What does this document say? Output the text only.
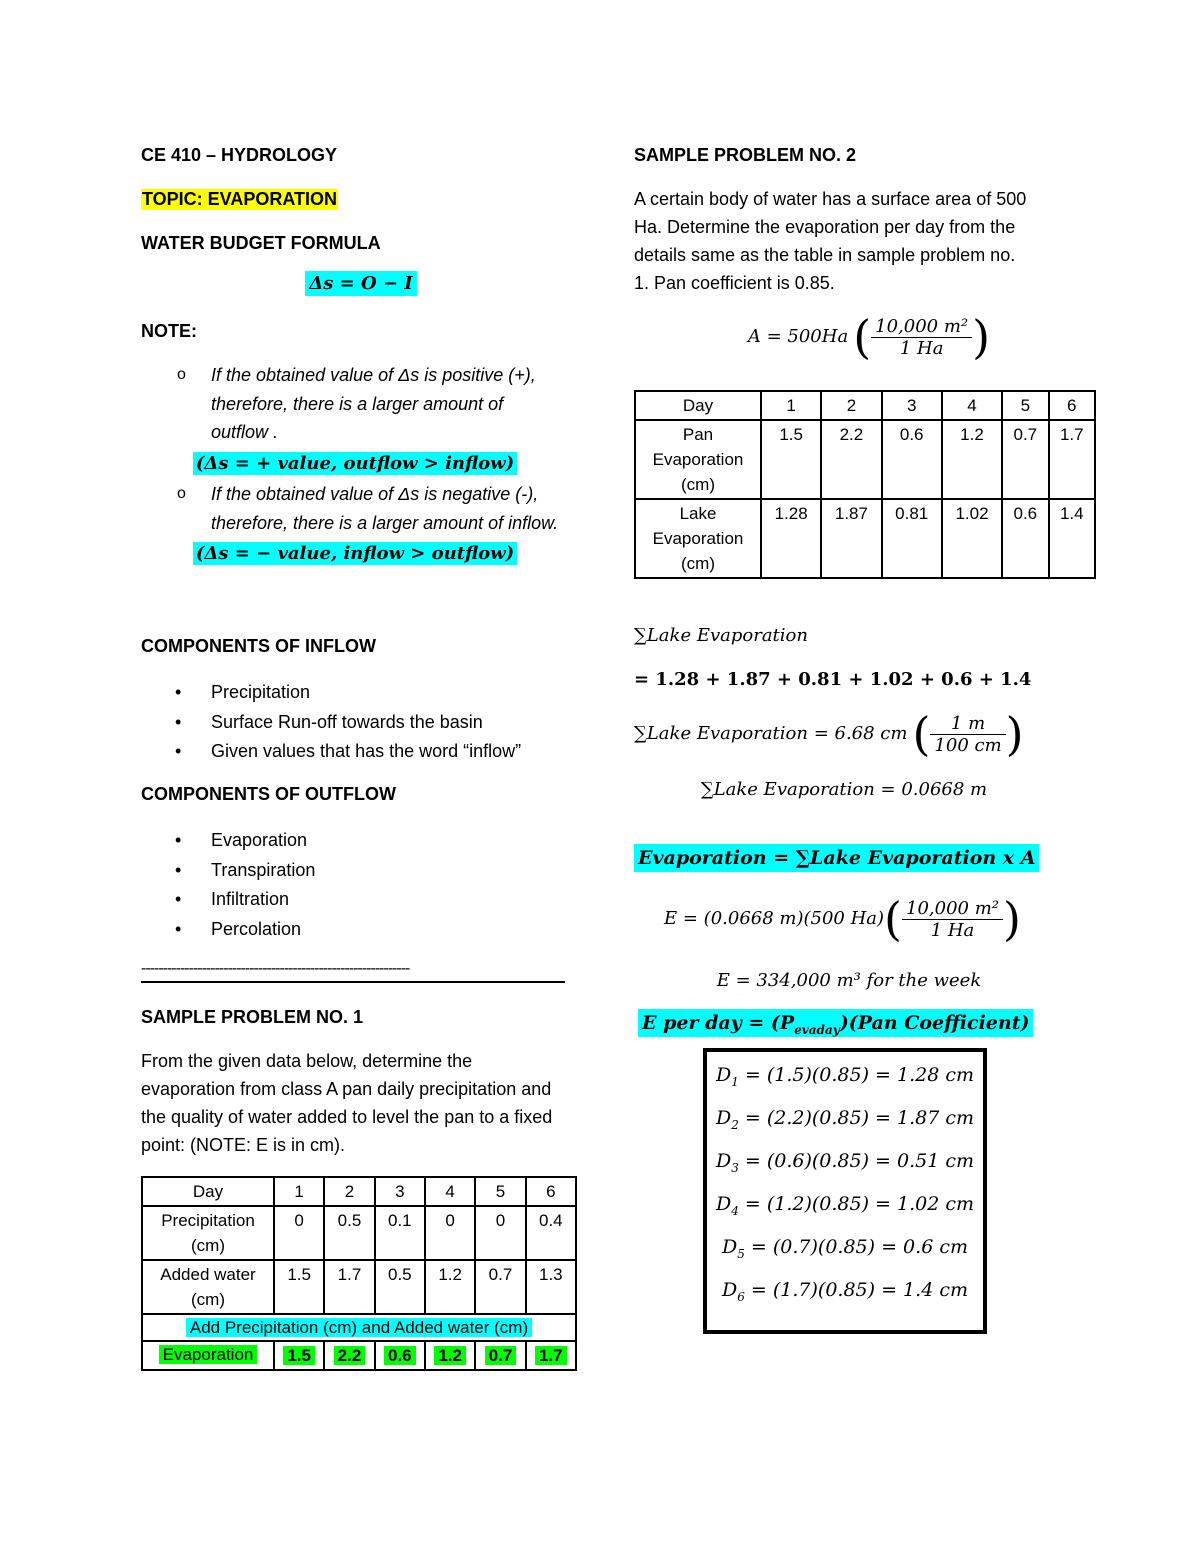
CE 410 – HYDROLOGY

TOPIC: EVAPORATION

WATER BUDGET FORMULA

Δs = O − I

NOTE:

o If the obtained value of Δs is positive (+), therefore, there is a larger amount of outflow .
(Δs = + value, outflow > inflow)
o If the obtained value of Δs is negative (-), therefore, there is a larger amount of inflow.
(Δs = − value, inflow > outflow)

COMPONENTS OF INFLOW

• Precipitation
• Surface Run-off towards the basin
• Given values that has the word “inflow”

COMPONENTS OF OUTFLOW

• Evaporation
• Transpiration
• Infiltration
• Percolation
--------------------------------------------------------------

SAMPLE PROBLEM NO. 1

From the given data below, determine the evaporation from class A pan daily precipitation and the quality of water added to level the pan to a fixed point: (NOTE: E is in cm).

Day	1	2	3	4	5	6
Precipitation (cm)	0	0.5	0.1	0	0	0.4
Added water (cm)	1.5	1.7	0.5	1.2	0.7	1.3
Add Precipitation (cm) and Added water (cm)						
Evaporation	1.5	2.2	0.6	1.2	0.7	1.7

SAMPLE PROBLEM NO. 2

A certain body of water has a surface area of 500 Ha. Determine the evaporation per day from the details same as the table in sample problem no. 1. Pan coefficient is 0.85.

A = 500Ha ( $\frac{\text{10,000 m²}}{1 Ha}$ )
Day	1	2	3	4	5	6
Pan Evaporation (cm)	1.5	2.2	0.6	1.2	0.7	1.7
Lake Evaporation (cm)	1.28	1.87	0.81	1.02	0.6	1.4

∑Lake Evaporation

= 1.28 + 1.87 + 0.81 + 1.02 + 0.6 + 1.4

∑Lake Evaporation = 6.68 cm ( $\frac{1 m}{100 cm}$ )
∑Lake Evaporation = 0.0668 m
Evaporation = ∑Lake Evaporation x A
E = (0.0668 m)(500 $Ha)( \frac{\text{10,000 m²}}{1 Ha}$ )
E = 334,000 m³ for the week
E per day = $(P_{evaday})(Pan$ Coefficient)
$D_1 = (1.5)(0.85) = 1.28$ cm
$D_2 = (2.2)(0.85) = 1.87$ cm
$D_3 = (0.6)(0.85) = 0.51$ cm
$D_4 = (1.2)(0.85) = 1.02$ cm
$D_5 = (0.7)(0.85) = 0.6$ cm
$D_6 = (1.7)(0.85) = 1.4$ cm
